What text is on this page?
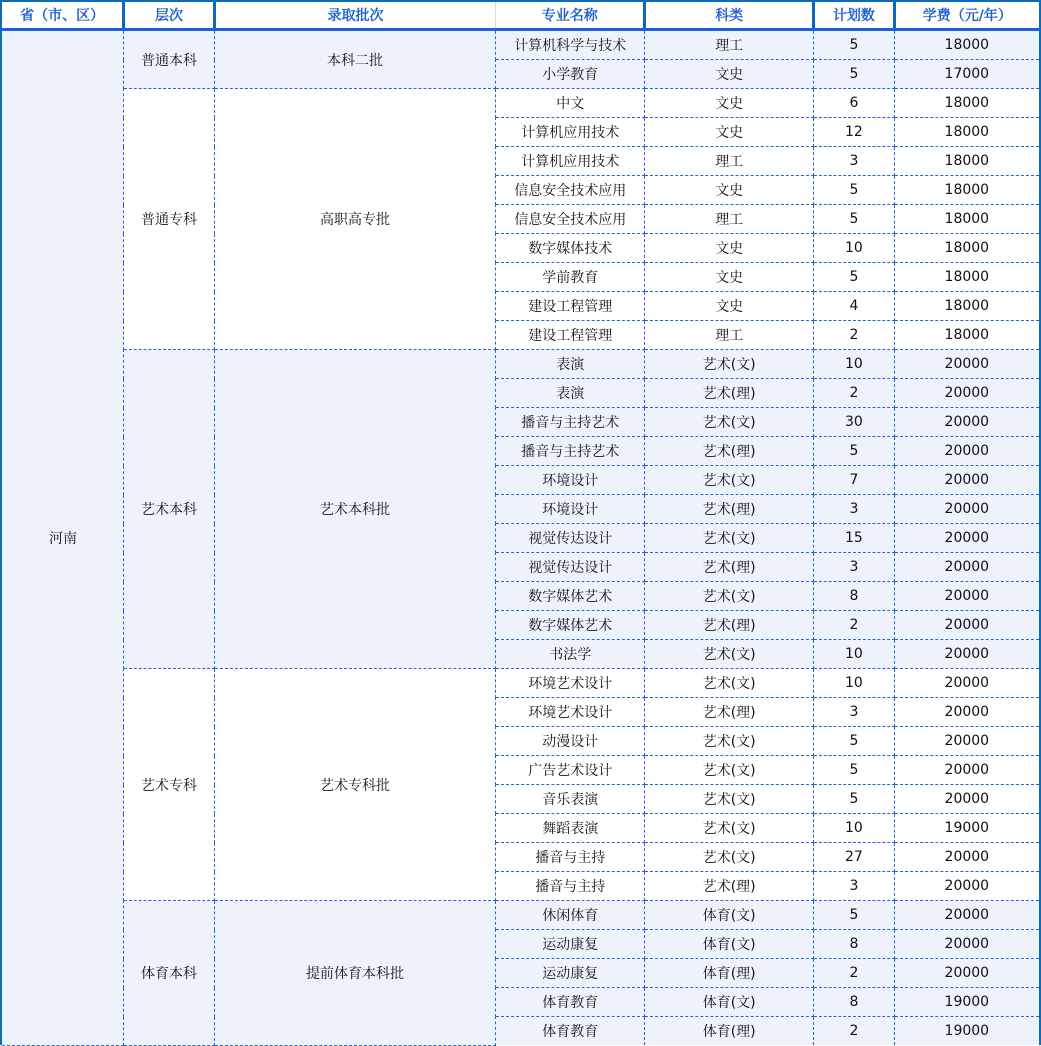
省（市、区）	层次	录取批次	专业名称	科类	计划数	学费（元/年）
河南	普通本科	本科二批	计算机科学与技术	理工	5	18000
			小学教育	文史	5	17000
	普通专科	高职高专批	中文	文史	6	18000
			计算机应用技术	文史	12	18000
			计算机应用技术	理工	3	18000
			信息安全技术应用	文史	5	18000
			信息安全技术应用	理工	5	18000
			数字媒体技术	文史	10	18000
			学前教育	文史	5	18000
			建设工程管理	文史	4	18000
			建设工程管理	理工	2	18000
	艺术本科	艺术本科批	表演	艺术(文)	10	20000
			表演	艺术(理)	2	20000
			播音与主持艺术	艺术(文)	30	20000
			播音与主持艺术	艺术(理)	5	20000
			环境设计	艺术(文)	7	20000
			环境设计	艺术(理)	3	20000
			视觉传达设计	艺术(文)	15	20000
			视觉传达设计	艺术(理)	3	20000
			数字媒体艺术	艺术(文)	8	20000
			数字媒体艺术	艺术(理)	2	20000
			书法学	艺术(文)	10	20000
	艺术专科	艺术专科批	环境艺术设计	艺术(文)	10	20000
			环境艺术设计	艺术(理)	3	20000
			动漫设计	艺术(文)	5	20000
			广告艺术设计	艺术(文)	5	20000
			音乐表演	艺术(文)	5	20000
			舞蹈表演	艺术(文)	10	19000
			播音与主持	艺术(文)	27	20000
			播音与主持	艺术(理)	3	20000
	体育本科	提前体育本科批	休闲体育	体育(文)	5	20000
			运动康复	体育(文)	8	20000
			运动康复	体育(理)	2	20000
			体育教育	体育(文)	8	19000
			体育教育	体育(理)	2	19000
